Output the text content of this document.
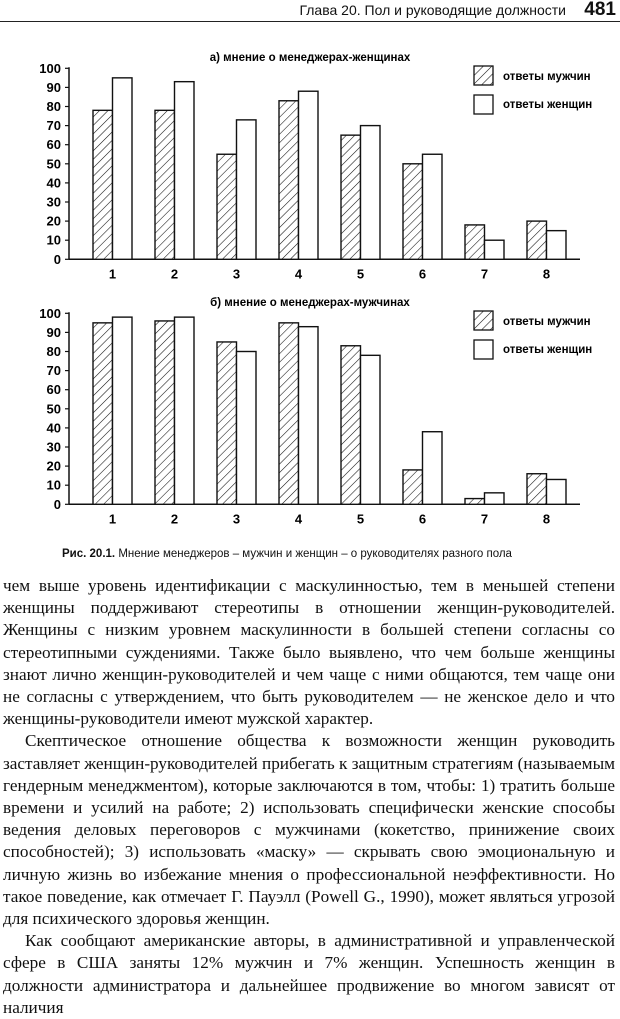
Глава 20. Пол и руководящие должности 481
а) мнение о менеджерах-женщинах
0
10
20
30
40
50
60
70
80
90
100
1	2	3	4	5	6	7	8
ответы мужчин
ответы женщин
б) мнение о менеджерах-мужчинах
0
10
20
30
40
50
60
70
80
90
100
1	2	3	4	5	6	7	8
ответы мужчин
ответы женщин
Рис. 20.1. Мнение менеджеров – мужчин и женщин – о руководителях разного пола

чем выше уровень идентификации с маскулинностью, тем в меньшей степени женщины поддерживают стереотипы в отношении женщин-руководителей. Женщины с низким уровнем маскулинности в большей степени согласны со стереотипными суждениями. Также было выявлено, что чем больше женщины знают лично женщин-руководителей и чем чаще с ними общаются, тем чаще они не согласны с утверждением, что быть руководителем — не женское дело и что женщины-руководители имеют мужской характер.

Скептическое отношение общества к возможности женщин руководить заставляет женщин-руководителей прибегать к защитным стратегиям (называемым гендерным менеджментом), которые заключаются в том, чтобы: 1) тратить больше времени и усилий на работе; 2) использовать специфически женские способы ведения деловых переговоров с мужчинами (кокетство, принижение своих способностей); 3) использовать «маску» — скрывать свою эмоциональную и личную жизнь во избежание мнения о профессиональной неэффективности. Но такое поведение, как отмечает Г. Пауэлл (Powell G., 1990), может являться угрозой для психического здоровья женщин.

Как сообщают американские авторы, в административной и управленческой сфере в США заняты 12% мужчин и 7% женщин. Успешность женщин в должности администратора и дальнейшее продвижение во многом зависят от наличия
